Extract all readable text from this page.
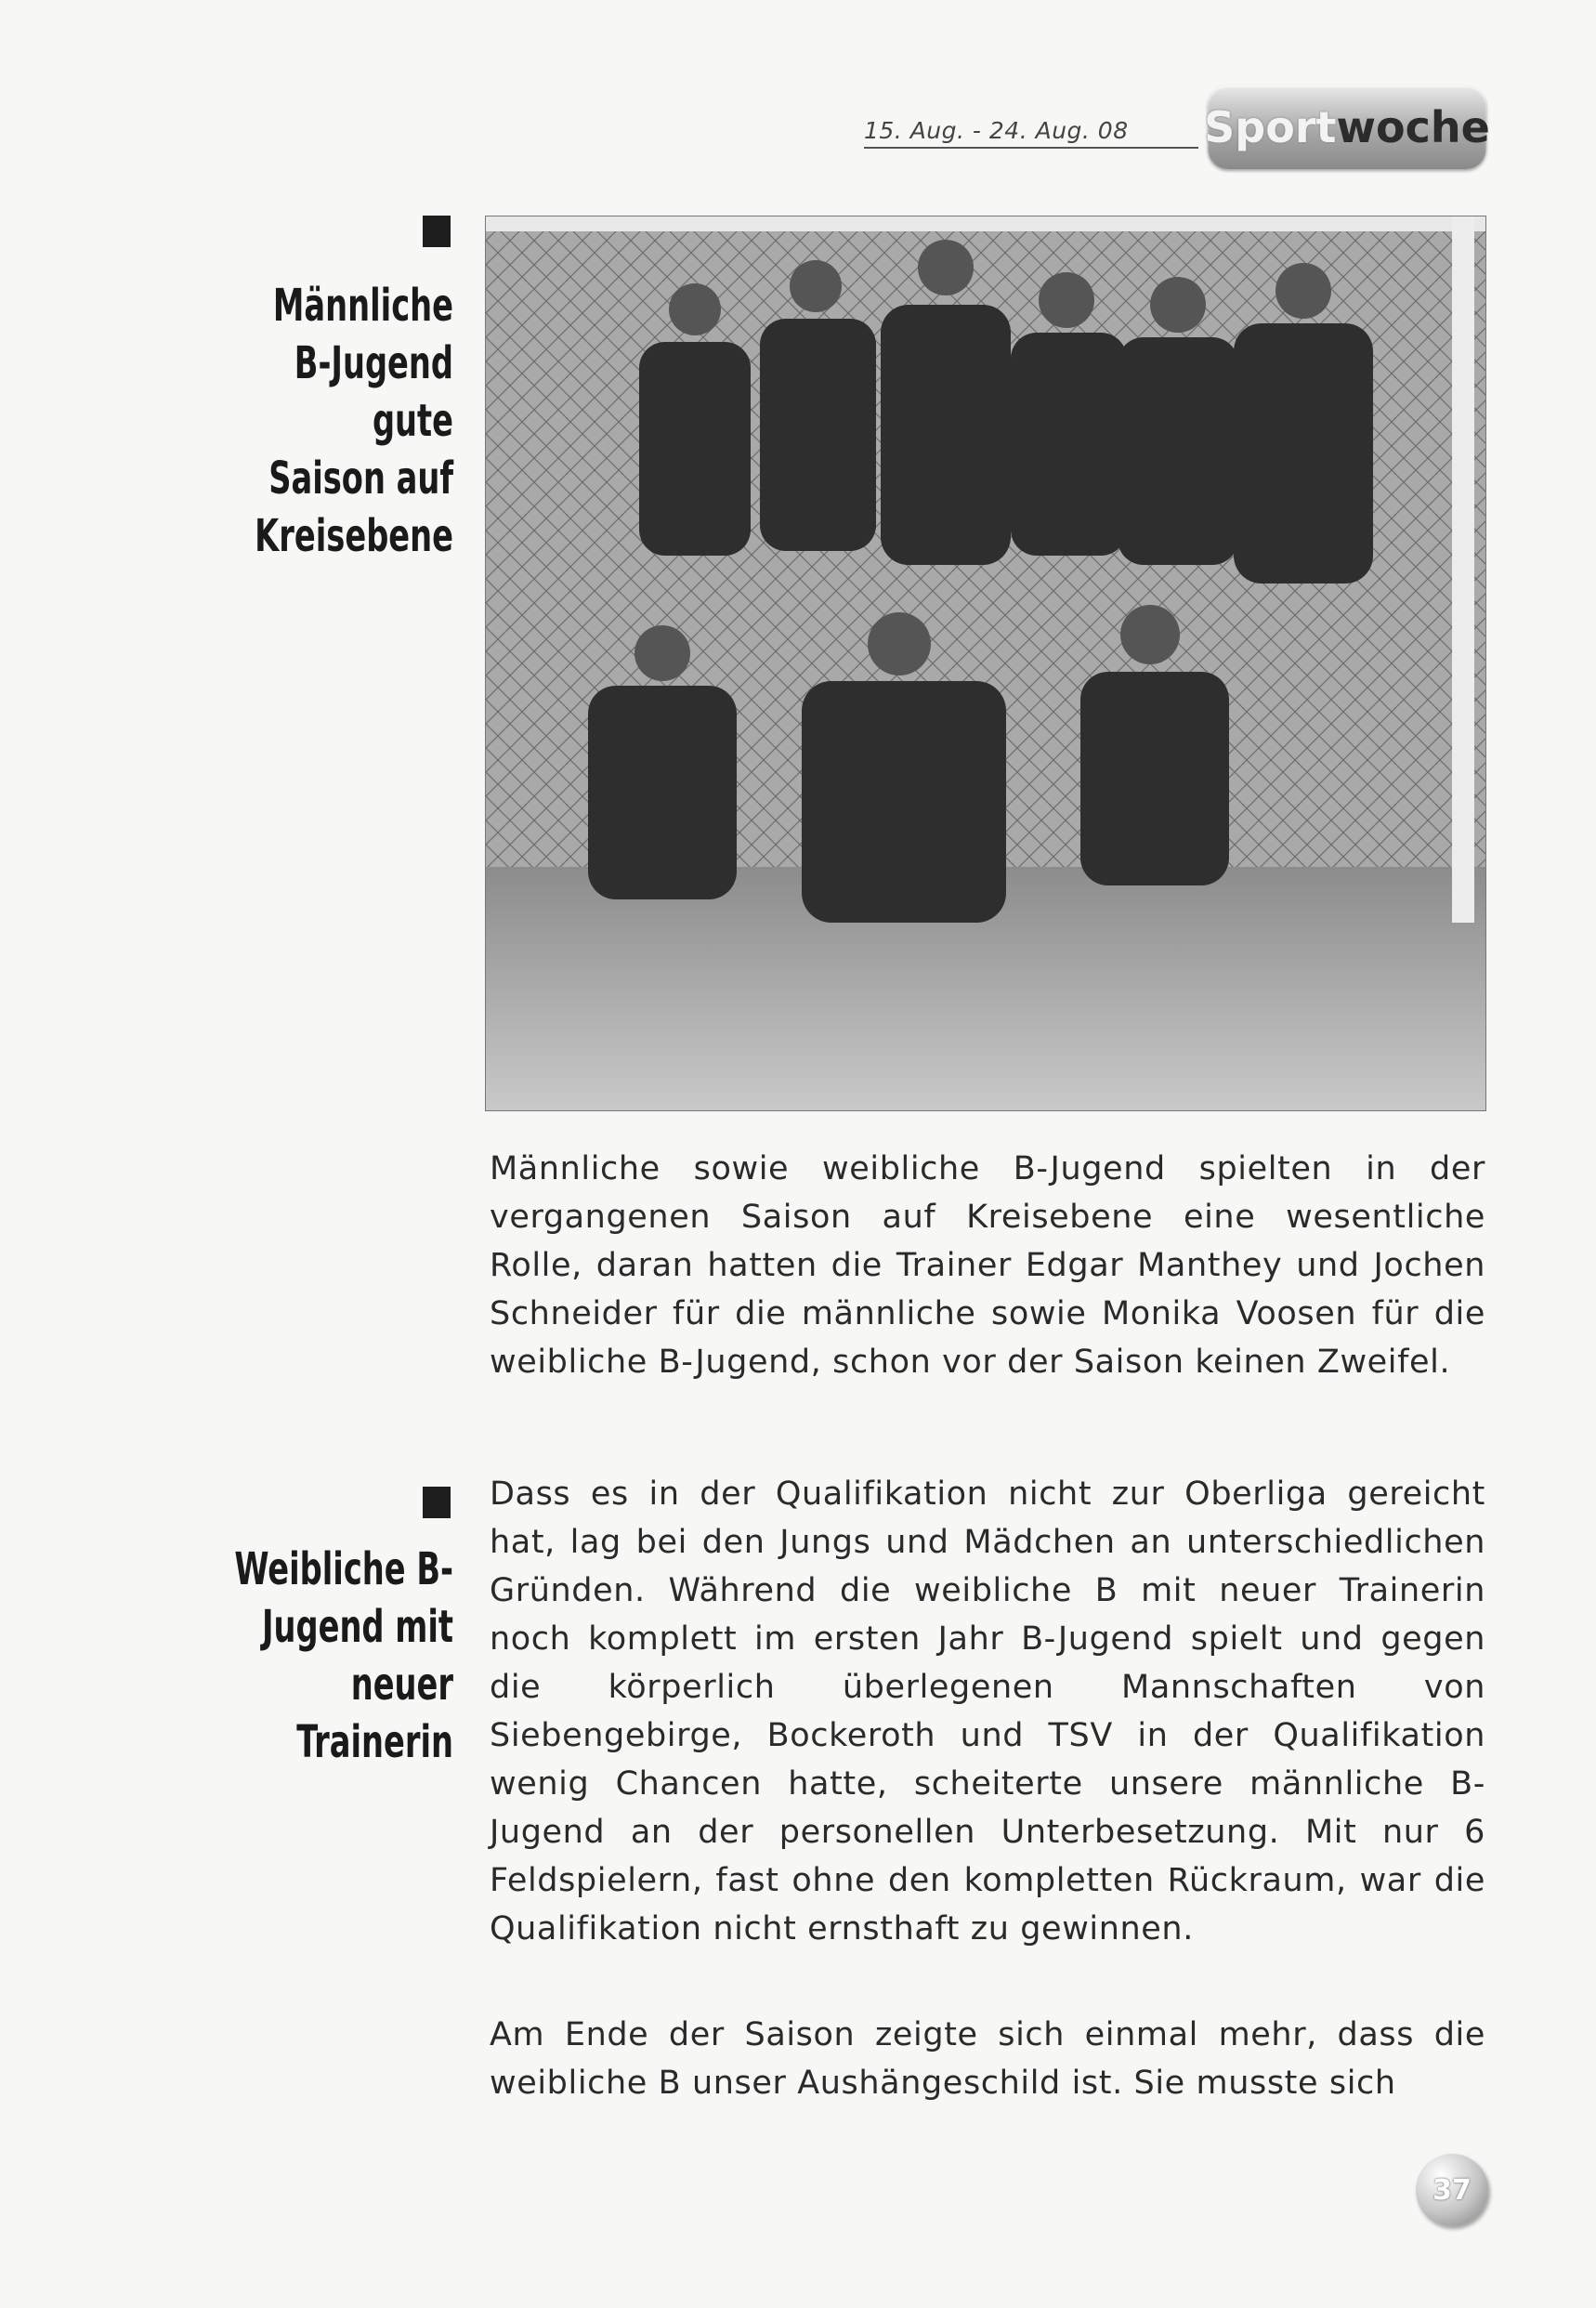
15. Aug. - 24. Aug. 08 Sport woche
Männliche
B-Jugend gute
Saison auf
Kreisebene
Weibliche B-
Jugend mit
neuer Trainerin

Männliche sowie weibliche B-Jugend spielten in der vergangenen Saison auf Kreisebene eine wesentliche Rolle, daran hatten die Trainer Edgar Manthey und Jochen Schneider für die männliche sowie Monika Voosen für die weibliche B-Jugend, schon vor der Saison keinen Zweifel.

Dass es in der Qualifikation nicht zur Oberliga gereicht hat, lag bei den Jungs und Mädchen an unterschiedlichen Gründen. Während die weibliche B mit neuer Trainerin noch komplett im ersten Jahr B-Jugend spielt und gegen die körperlich überlegenen Mannschaften von Siebengebirge, Bockeroth und TSV in der Qualifikation wenig Chancen hatte, scheiterte unsere männliche B-Jugend an der personellen Unterbesetzung. Mit nur 6 Feldspielern, fast ohne den kompletten Rückraum, war die Qualifikation nicht ernsthaft zu gewinnen.

Am Ende der Saison zeigte sich einmal mehr, dass die weibliche B unser Aushängeschild ist. Sie musste sich

37
